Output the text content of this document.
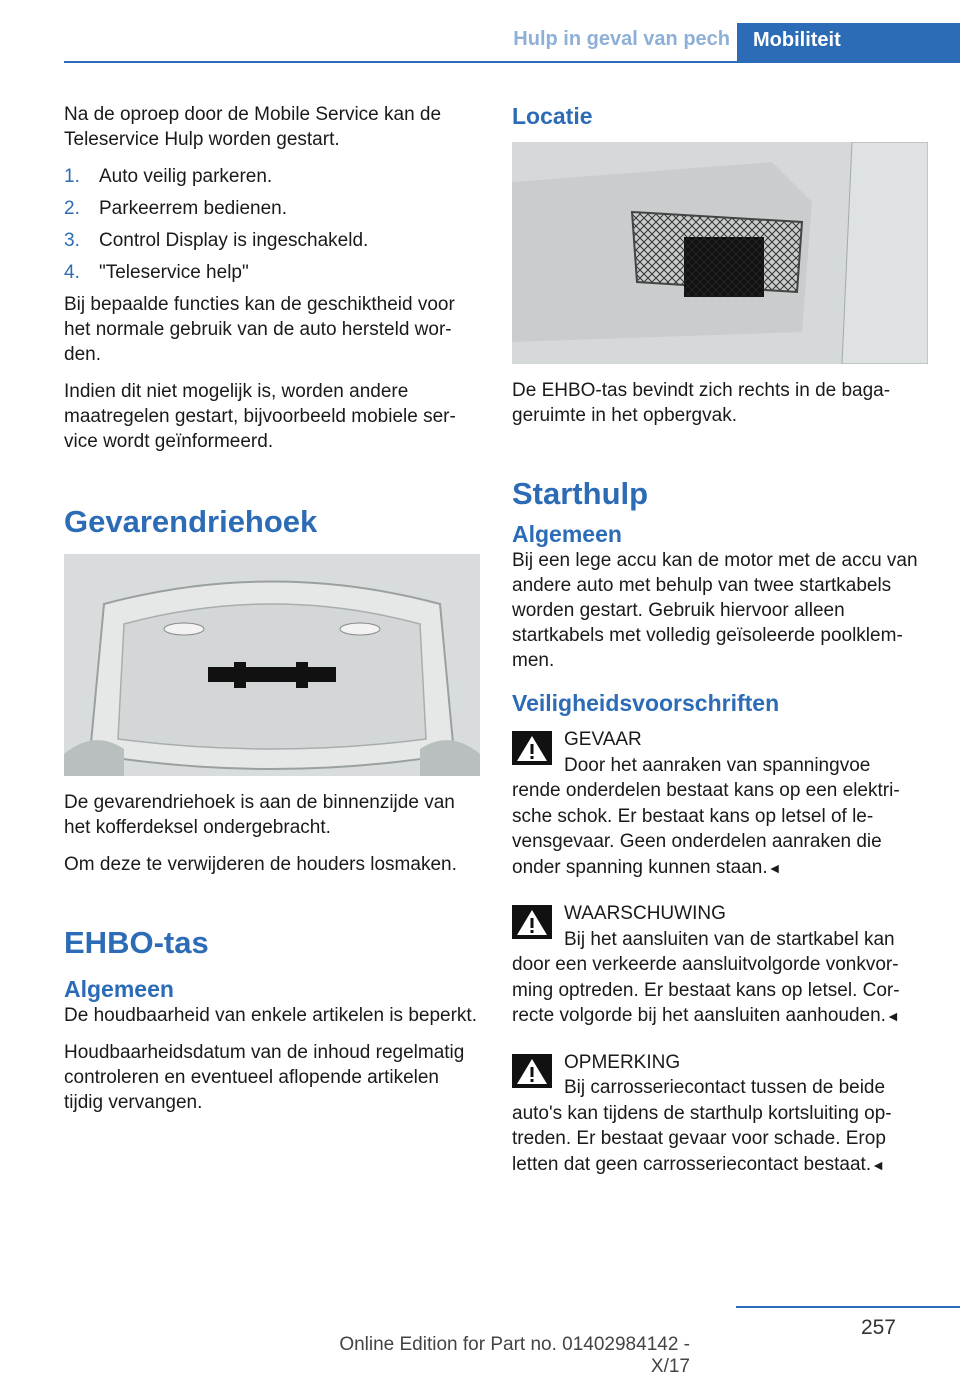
Hulp in geval van pech	Mobiliteit

Na de oproep door de Mobile Service kan de Teleservice Hulp worden gestart.

1.	Auto veilig parkeren.
2.	Parkeerrem bedienen.
3.	Control Display is ingeschakeld.
4.	"Teleservice help"

Bij bepaalde functies kan de geschiktheid voor het normale gebruik van de auto hersteld worden.

Indien dit niet mogelijk is, worden andere maatregelen gestart, bijvoorbeeld mobiele service wordt geïnformeerd.

Gevarendriehoek

De gevarendriehoek is aan de binnenzijde van het kofferdeksel ondergebracht.

Om deze te verwijderen de houders losmaken.

EHBO-tas
Algemeen

De houdbaarheid van enkele artikelen is beperkt.

Houdbaarheidsdatum van de inhoud regelmatig controleren en eventueel aflopende artikelen tijdig vervangen.

Locatie

De EHBO-tas bevindt zich rechts in de bagageruimte in het opbergvak.

Starthulp
Algemeen

Bij een lege accu kan de motor met de accu van andere auto met behulp van twee startkabels worden gestart. Gebruik hiervoor alleen startkabels met volledig geïsoleerde poolklemmen.

Veiligheidsvoorschriften
GEVAAR
Door het aanraken van spanningvoe
rende onderdelen bestaat kans op een elektrische schok. Er bestaat kans op letsel of levensgevaar. Geen onderdelen aanraken die onder spanning kunnen staan.◄
WAARSCHUWING
Bij het aansluiten van de startkabel kan
door een verkeerde aansluitvolgorde vonkvorming optreden. Er bestaat kans op letsel. Correcte volgorde bij het aansluiten aanhouden.◄
OPMERKING
Bij carrosseriecontact tussen de beide
auto's kan tijdens de starthulp kortsluiting optreden. Er bestaat gevaar voor schade. Erop letten dat geen carrosseriecontact bestaat.◄
257
Online Edition for Part no. 01402984142 - X/17
